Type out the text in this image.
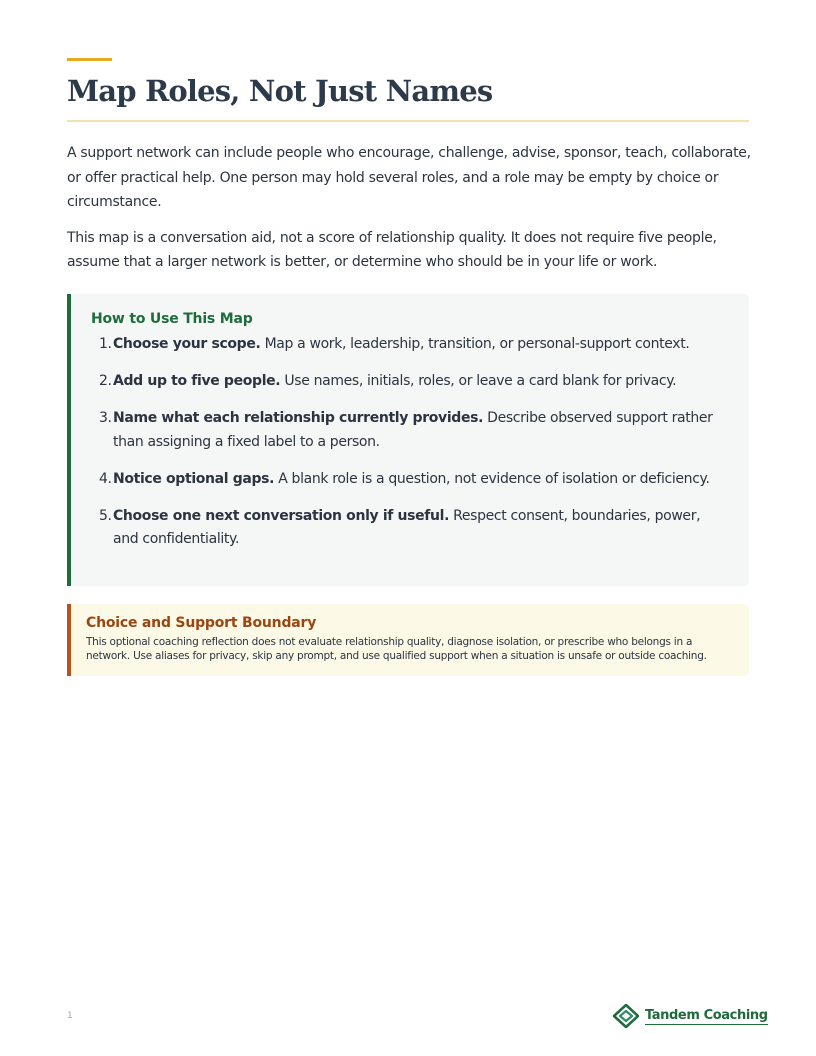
Map Roles, Not Just Names

A support network can include people who encourage, challenge, advise, sponsor, teach, collaborate, or offer practical help. One person may hold several roles, and a role may be empty by choice or circumstance.

This map is a conversation aid, not a score of relationship quality. It does not require five people, assume that a larger network is better, or determine who should be in your life or work.

How to Use This Map
1. Choose your scope. Map a work, leadership, transition, or personal-support context.
2. Add up to five people. Use names, initials, roles, or leave a card blank for privacy.
3. Name what each relationship currently provides. Describe observed support rather than assigning a fixed label to a person.
4. Notice optional gaps. A blank role is a question, not evidence of isolation or deficiency.
5. Choose one next conversation only if useful. Respect consent, boundaries, power, and confidentiality.
Choice and Support Boundary

This optional coaching reflection does not evaluate relationship quality, diagnose isolation, or prescribe who belongs in a network. Use aliases for privacy, skip any prompt, and use qualified support when a situation is unsafe or outside coaching.

1	Tandem Coaching
